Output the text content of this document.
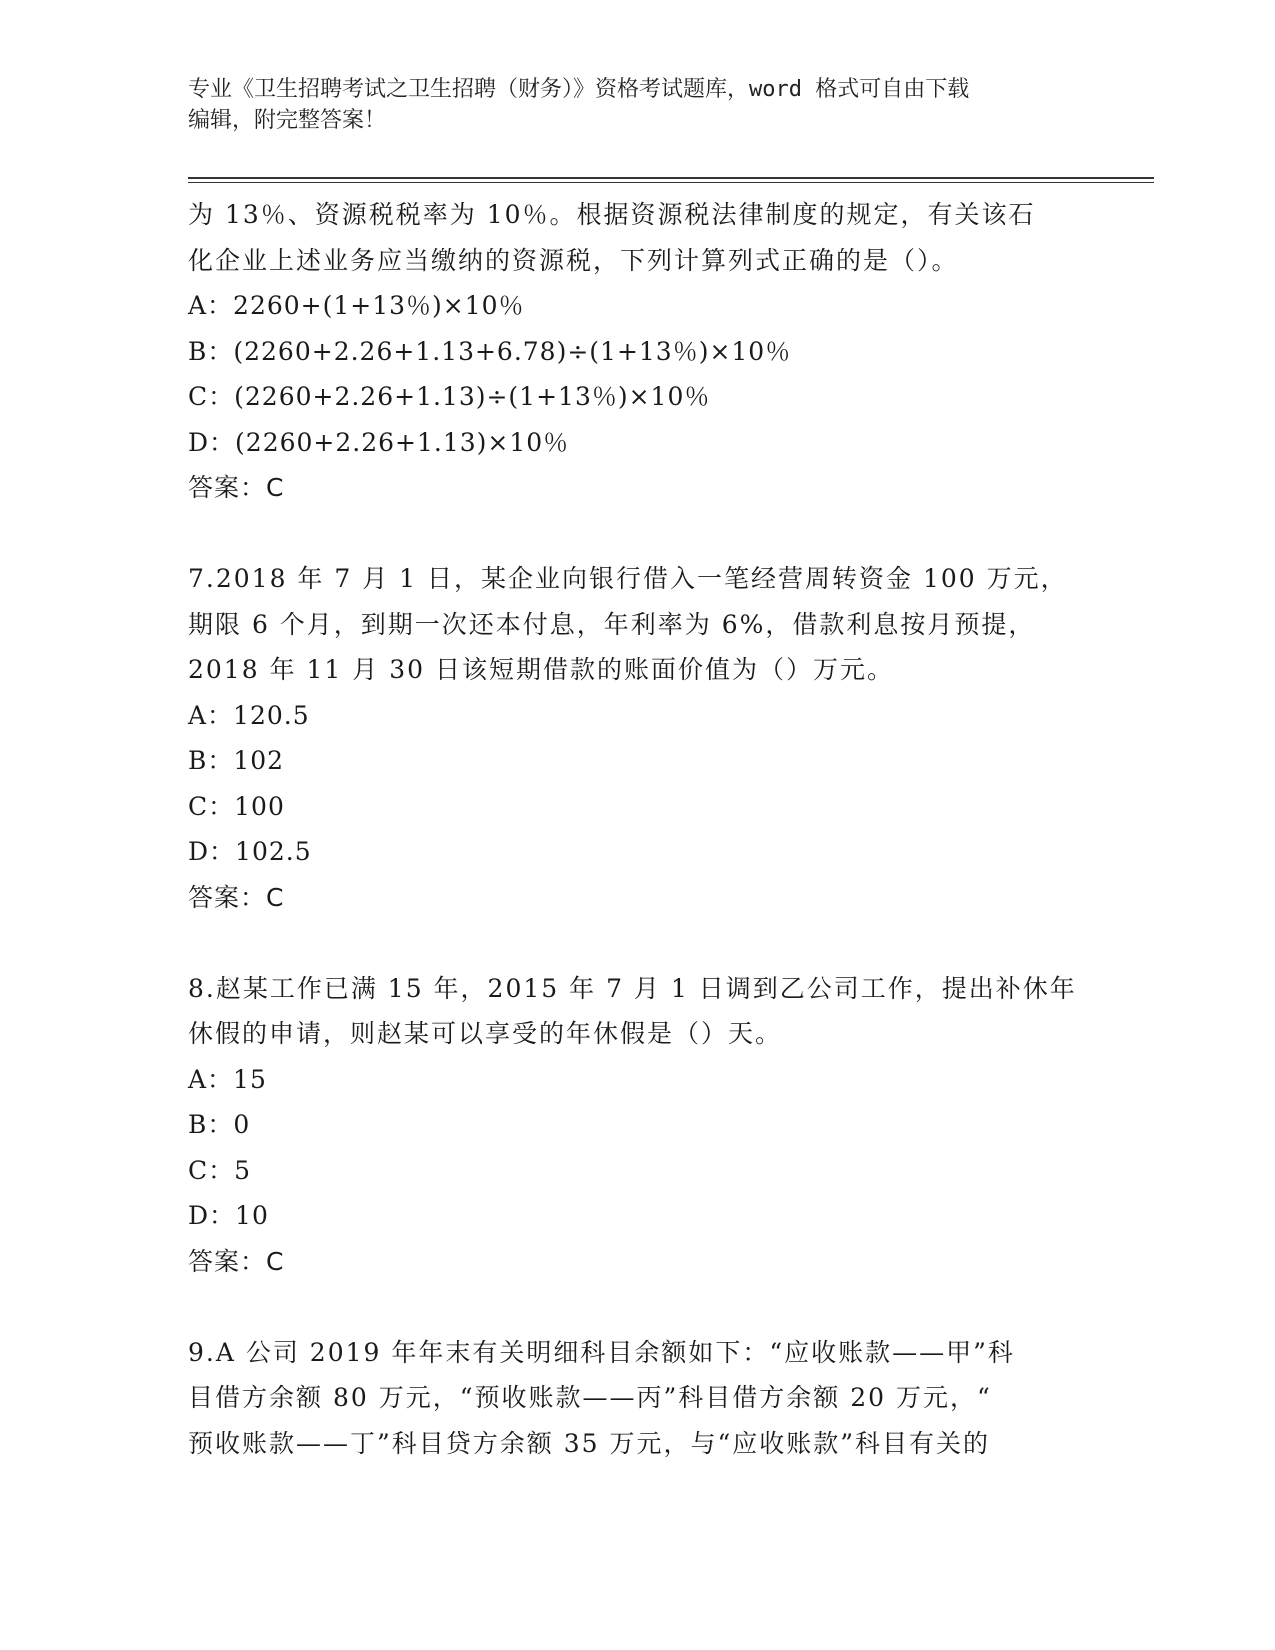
专业《卫生招聘考试之卫生招聘（财务）》资格考试题库，word 格式可自由下载
编辑，附完整答案！
为 13％、资源税税率为 10％。根据资源税法律制度的规定，有关该石
化企业上述业务应当缴纳的资源税，下列计算列式正确的是（）。
A：2260+(1+13％)×10％
B：(2260+2.26+1.13+6.78)÷(1+13％)×10％
C：(2260+2.26+1.13)÷(1+13％)×10％
D：(2260+2.26+1.13)×10％
答案：C
7.2018 年 7 月 1 日，某企业向银行借入一笔经营周转资金 100 万元，
期限 6 个月，到期一次还本付息，年利率为 6%，借款利息按月预提，
2018 年 11 月 30 日该短期借款的账面价值为（）万元。
A：120.5
B：102
C：100
D：102.5
答案：C
8.赵某工作已满 15 年，2015 年 7 月 1 日调到乙公司工作，提出补休年
休假的申请，则赵某可以享受的年休假是（）天。
A：15
B：0
C：5
D：10
答案：C
9.A 公司 2019 年年末有关明细科目余额如下：“应收账款——甲”科
目借方余额 80 万元，“预收账款——丙”科目借方余额 20 万元，“
预收账款——丁”科目贷方余额 35 万元，与“应收账款”科目有关的
